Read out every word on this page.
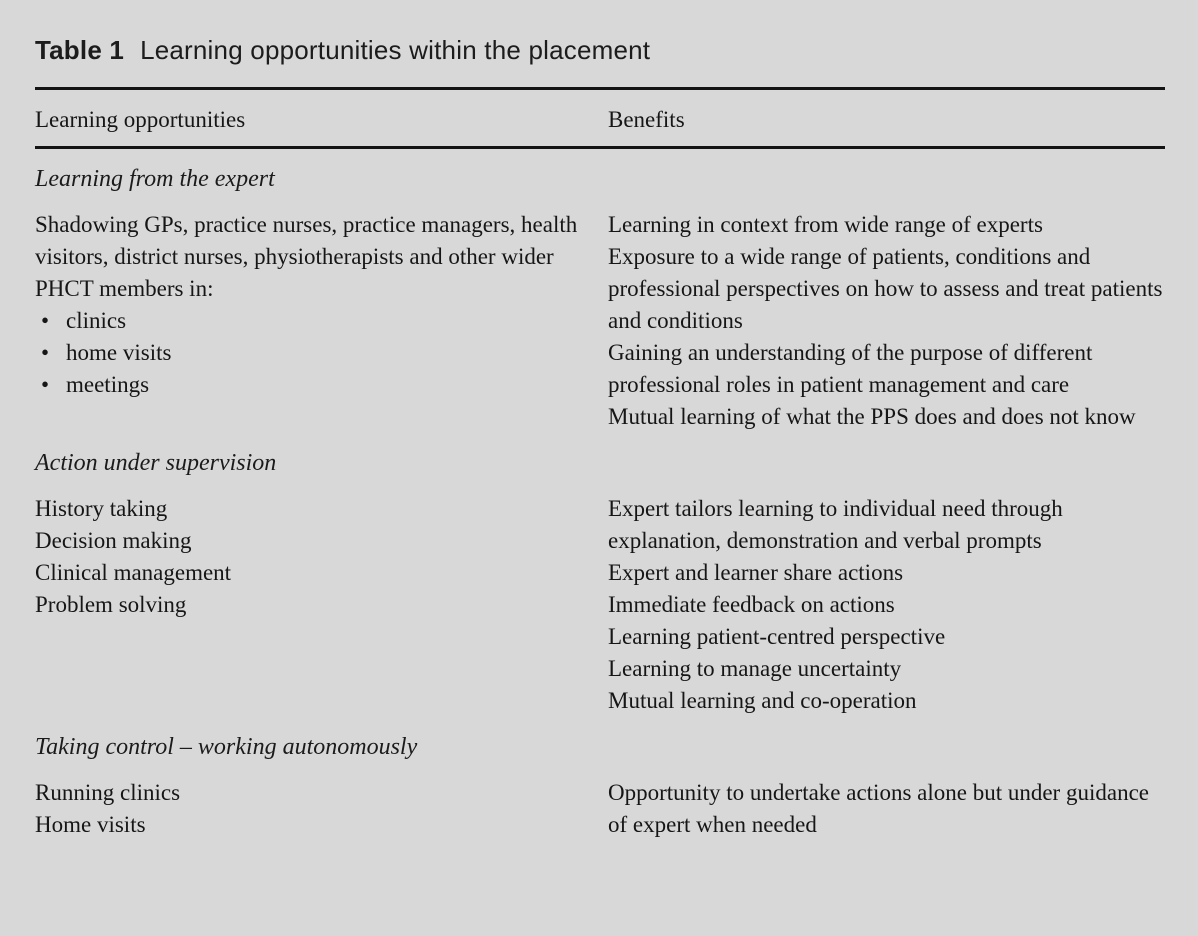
Table 1 Learning opportunities within the placement
Learning opportunities	Benefits
Learning from the expert

Shadowing GPs, practice nurses, practice managers, health visitors, district nurses, physiotherapists and other wider PHCT members in:

• clinics
• home visits
• meetings

Learning in context from wide range of experts

Exposure to a wide range of patients, conditions and professional perspectives on how to assess and treat patients and conditions

Gaining an understanding of the purpose of different professional roles in patient management and care

Mutual learning of what the PPS does and does not know

Action under supervision
History taking
Decision making
Clinical management
Problem solving

Expert tailors learning to individual need through explanation, demonstration and verbal prompts

Expert and learner share actions

Immediate feedback on actions

Learning patient-centred perspective

Learning to manage uncertainty

Mutual learning and co-operation

Taking control – working autonomously
Running clinics
Home visits

Opportunity to undertake actions alone but under guidance of expert when needed
